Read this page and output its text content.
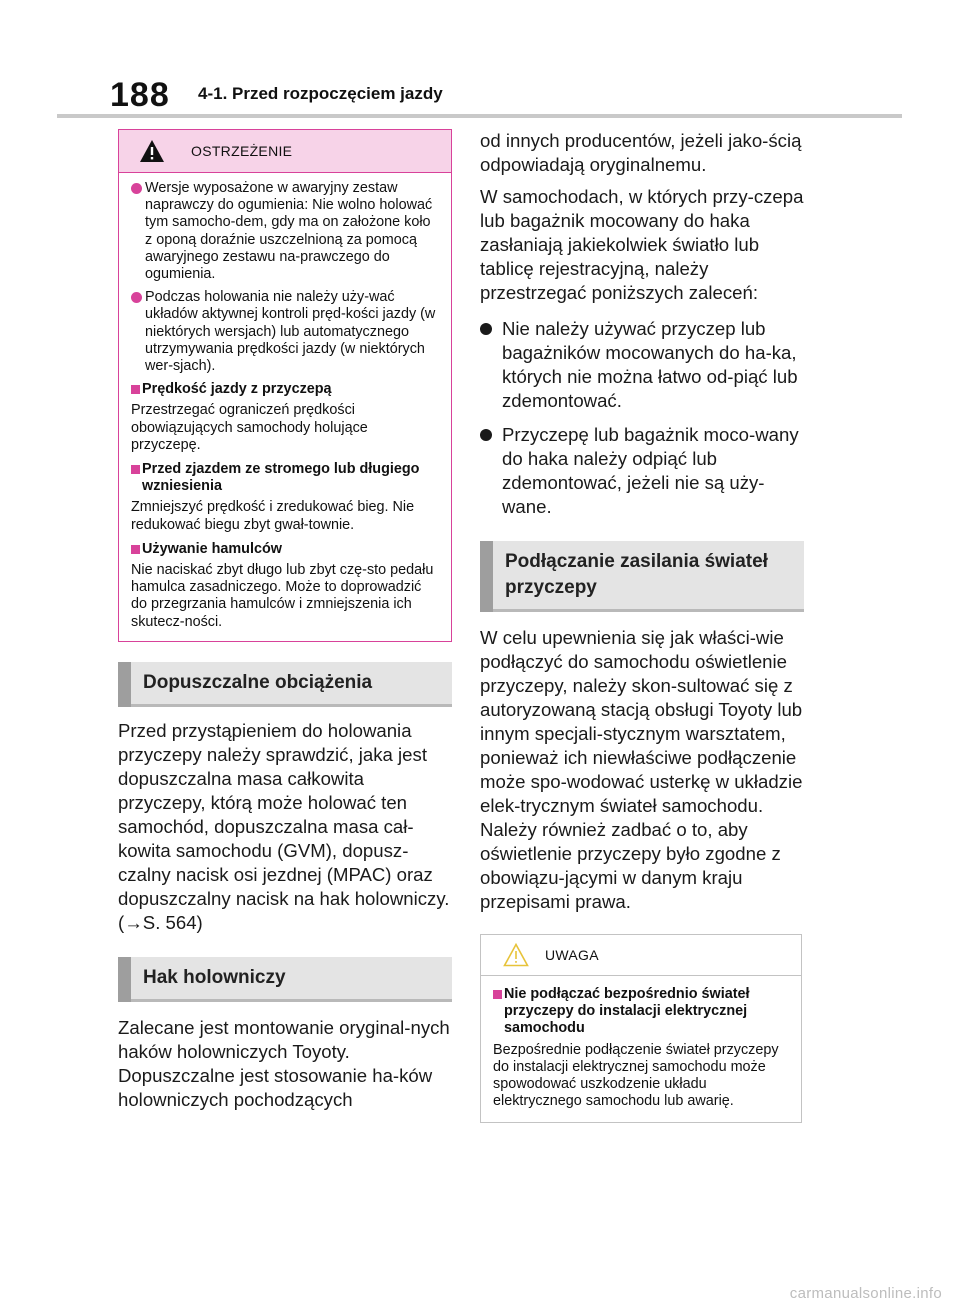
188 4-1. Przed rozpoczęciem jazdy
OSTRZEŻENIE
Wersje wyposażone w awaryjny zestaw naprawczy do ogumienia: Nie wolno holować tym samocho-dem, gdy ma on założone koło z oponą doraźnie uszczelnioną za pomocą awaryjnego zestawu na-prawczego do ogumienia.
Podczas holowania nie należy uży-wać układów aktywnej kontroli pręd-kości jazdy (w niektórych wersjach) lub automatycznego utrzymywania prędkości jazdy (w niektórych wer-sjach).
Prędkość jazdy z przyczepą
Przestrzegać ograniczeń prędkości obowiązujących samochody holujące przyczepę.
Przed zjazdem ze stromego lub długiego wzniesienia
Zmniejszyć prędkość i zredukować bieg. Nie redukować biegu zbyt gwał-townie.
Używanie hamulców
Nie naciskać zbyt długo lub zbyt czę-sto pedału hamulca zasadniczego. Może to doprowadzić do przegrzania hamulców i zmniejszenia ich skutecz-ności.
Dopuszczalne obciążenia

Przed przystąpieniem do holowania przyczepy należy sprawdzić, jaka jest dopuszczalna masa całkowita przyczepy, którą może holować ten samochód, dopuszczalna masa cał-kowita samochodu (GVM), dopusz-czalny nacisk osi jezdnej (MPAC) oraz dopuszczalny nacisk na hak holowniczy. (→S. 564)

Hak holowniczy

Zalecane jest montowanie oryginal-nych haków holowniczych Toyoty. Dopuszczalne jest stosowanie ha-ków holowniczych pochodzących

od innych producentów, jeżeli jako-ścią odpowiadają oryginalnemu.

W samochodach, w których przy-czepa lub bagażnik mocowany do haka zasłaniają jakiekolwiek światło lub tablicę rejestracyjną, należy przestrzegać poniższych zaleceń:

Nie należy używać przyczep lub bagażników mocowanych do ha-ka, których nie można łatwo od-piąć lub zdemontować.
Przyczepę lub bagażnik moco-wany do haka należy odpiąć lub zdemontować, jeżeli nie są uży-wane.
Podłączanie zasilania świateł przyczepy

W celu upewnienia się jak właści-wie podłączyć do samochodu oświetlenie przyczepy, należy skon-sultować się z autoryzowaną stacją obsługi Toyoty lub innym specjali-stycznym warsztatem, ponieważ ich niewłaściwe podłączenie może spo-wodować usterkę w układzie elek-trycznym świateł samochodu. Należy również zadbać o to, aby oświetlenie przyczepy było zgodne z obowiązu-jącymi w danym kraju przepisami prawa.

UWAGA
Nie podłączać bezpośrednio świateł przyczepy do instalacji elektrycznej samochodu
Bezpośrednie podłączenie świateł przyczepy do instalacji elektrycznej samochodu może spowodować uszkodzenie układu elektrycznego samochodu lub awarię.
carmanualsonline.info
